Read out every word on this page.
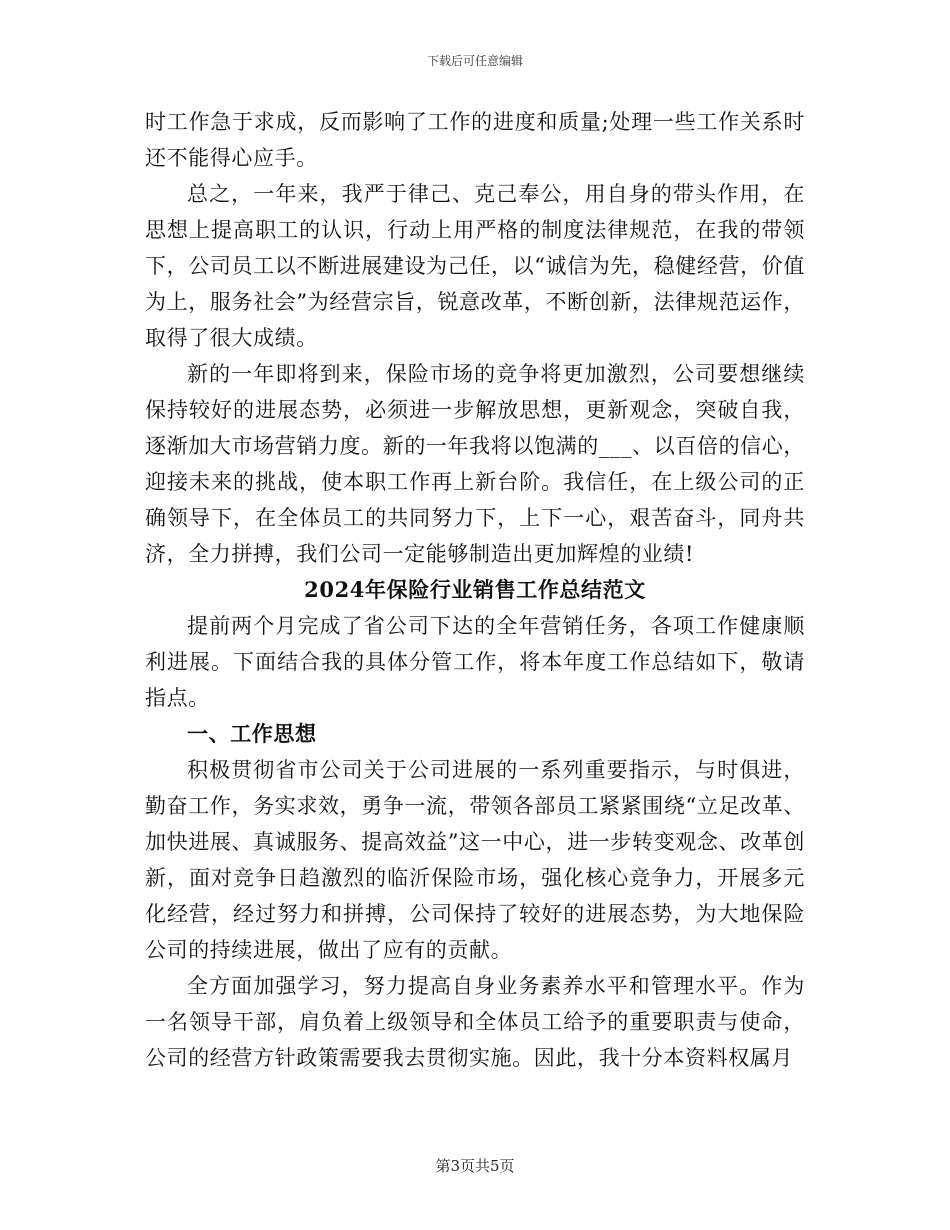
下载后可任意编辑

时工作急于求成，反而影响了工作的进度和质量;处理一些工作关系时还不能得心应手。

总之，一年来，我严于律己、克己奉公，用自身的带头作用，在思想上提高职工的认识，行动上用严格的制度法律规范，在我的带领下，公司员工以不断进展建设为己任，以“诚信为先，稳健经营，价值为上，服务社会”为经营宗旨，锐意改革，不断创新，法律规范运作，取得了很大成绩。

新的一年即将到来，保险市场的竞争将更加激烈，公司要想继续保持较好的进展态势，必须进一步解放思想，更新观念，突破自我，逐渐加大市场营销力度。新的一年我将以饱满的___、以百倍的信心，迎接未来的挑战，使本职工作再上新台阶。我信任，在上级公司的正确领导下，在全体员工的共同努力下，上下一心，艰苦奋斗，同舟共济，全力拼搏，我们公司一定能够制造出更加辉煌的业绩!

2024年保险行业销售工作总结范文

提前两个月完成了省公司下达的全年营销任务，各项工作健康顺利进展。下面结合我的具体分管工作，将本年度工作总结如下，敬请指点。

一、工作思想

积极贯彻省市公司关于公司进展的一系列重要指示，与时俱进，勤奋工作，务实求效，勇争一流，带领各部员工紧紧围绕“立足改革、加快进展、真诚服务、提高效益”这一中心，进一步转变观念、改革创新，面对竞争日趋激烈的临沂保险市场，强化核心竞争力，开展多元化经营，经过努力和拼搏，公司保持了较好的进展态势，为大地保险公司的持续进展，做出了应有的贡献。

全方面加强学习，努力提高自身业务素养水平和管理水平。作为一名领导干部，肩负着上级领导和全体员工给予的重要职责与使命，公司的经营方针政策需要我去贯彻实施。因此，我十分本资料权属月

第3页共5页
